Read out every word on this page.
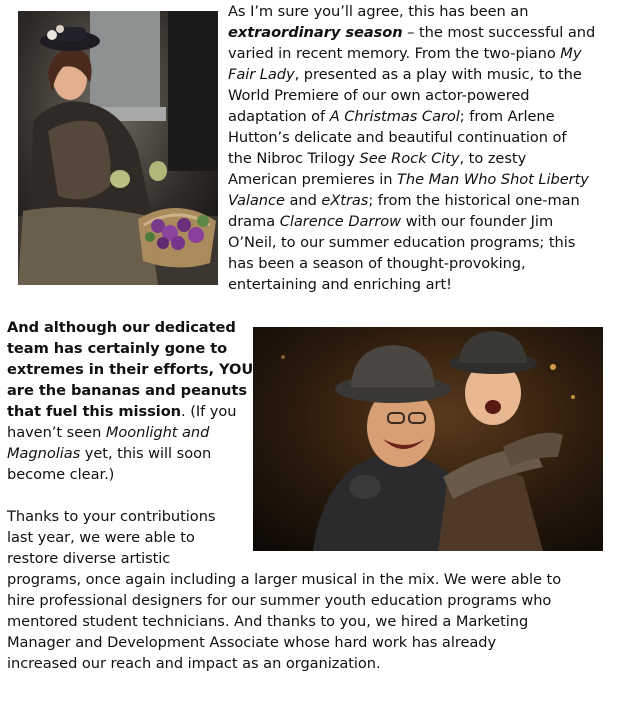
As I’m sure you’ll agree, this has been an

extraordinary season – the most successful and

varied in recent memory. From the two-piano My

Fair Lady, presented as a play with music, to the

World Premiere of our own actor-powered

adaptation of A Christmas Carol; from Arlene

Hutton’s delicate and beautiful continuation of

the Nibroc Trilogy See Rock City, to zesty

American premieres in The Man Who Shot Liberty

Valance and eXtras; from the historical one-man

drama Clarence Darrow with our founder Jim

O’Neil, to our summer education programs; this

has been a season of thought-provoking,

entertaining and enriching art!

And although our dedicated

team has certainly gone to

extremes in their efforts, YOU

are the bananas and peanuts

that fuel this mission. (If you

haven’t seen Moonlight and

Magnolias yet, this will soon

become clear.)

Thanks to your contributions

last year, we were able to

restore diverse artistic

programs, once again including a larger musical in the mix. We were able to

hire professional designers for our summer youth education programs who

mentored student technicians. And thanks to you, we hired a Marketing

Manager and Development Associate whose hard work has already

increased our reach and impact as an organization.
